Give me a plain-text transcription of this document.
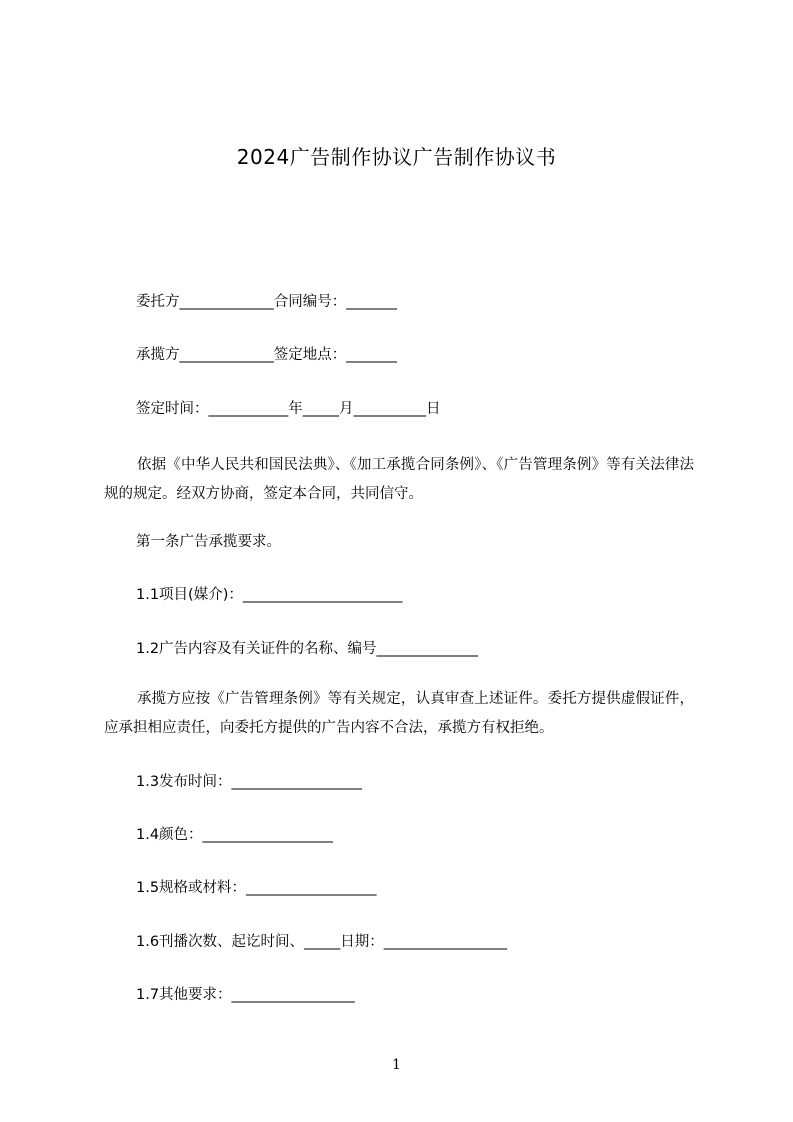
2024广告制作协议广告制作协议书
委托方_____________合同编号：_______
承揽方_____________签定地点：_______
签定时间：___________年_____月__________日
依据《中华人民共和国民法典》、《加工承揽合同条例》、《广告管理条例》等有关法律法规的规定。经双方协商，签定本合同，共同信守。
第一条广告承揽要求。
1.1项目(媒介)：______________________
1.2广告内容及有关证件的名称、编号______________
承揽方应按《广告管理条例》等有关规定，认真审查上述证件。委托方提供虚假证件，应承担相应责任，向委托方提供的广告内容不合法，承揽方有权拒绝。
1.3发布时间：__________________
1.4颜色：__________________
1.5规格或材料：__________________
1.6刊播次数、起讫时间、_____日期：_________________
1.7其他要求：_________________
1
